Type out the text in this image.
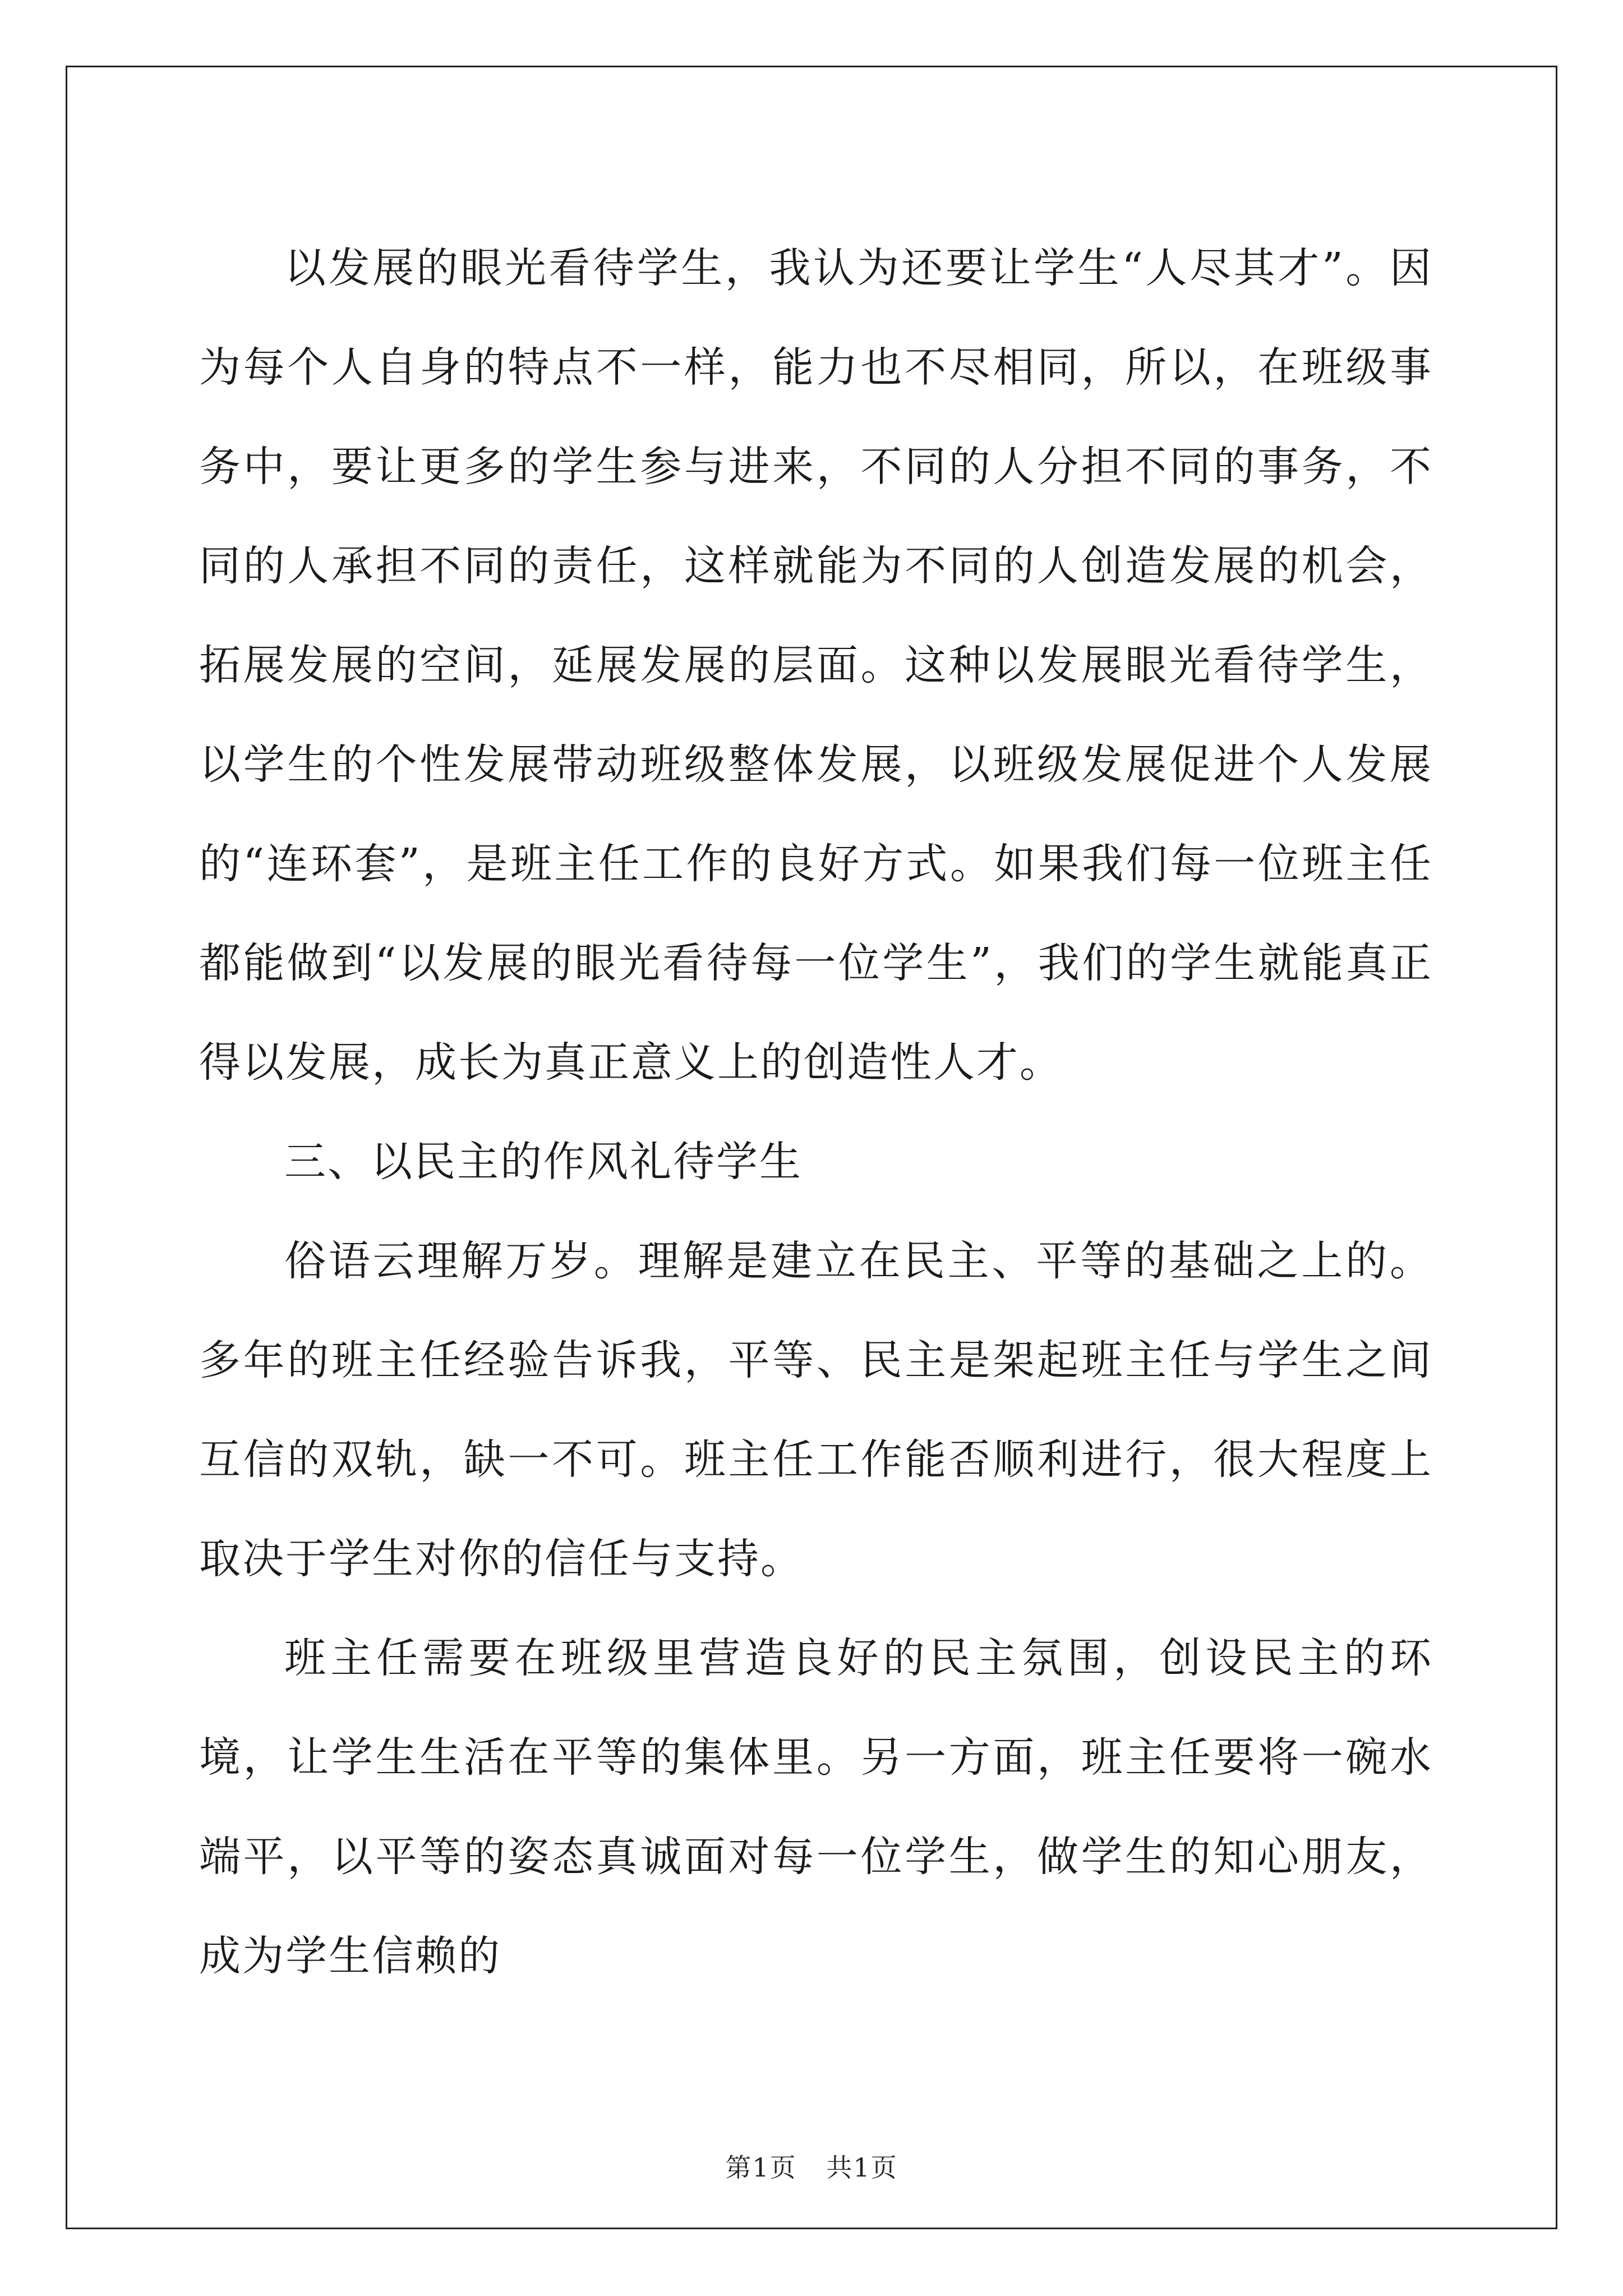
以发展的眼光看待学生，我认为还要让学生“人尽其才”。因为每个人自身的特点不一样，能力也不尽相同，所以，在班级事务中，要让更多的学生参与进来，不同的人分担不同的事务，不同的人承担不同的责任，这样就能为不同的人创造发展的机会，拓展发展的空间，延展发展的层面。这种以发展眼光看待学生，以学生的个性发展带动班级整体发展，以班级发展促进个人发展的“连环套”，是班主任工作的良好方式。如果我们每一位班主任都能做到“以发展的眼光看待每一位学生”，我们的学生就能真正得以发展，成长为真正意义上的创造性人才。

三、以民主的作风礼待学生

俗语云理解万岁。理解是建立在民主、平等的基础之上的。多年的班主任经验告诉我，平等、民主是架起班主任与学生之间互信的双轨，缺一不可。班主任工作能否顺利进行，很大程度上取决于学生对你的信任与支持。

班主任需要在班级里营造良好的民主氛围，创设民主的环境，让学生生活在平等的集体里。另一方面，班主任要将一碗水端平，以平等的姿态真诚面对每一位学生，做学生的知心朋友，成为学生信赖的

第1页 共1页
